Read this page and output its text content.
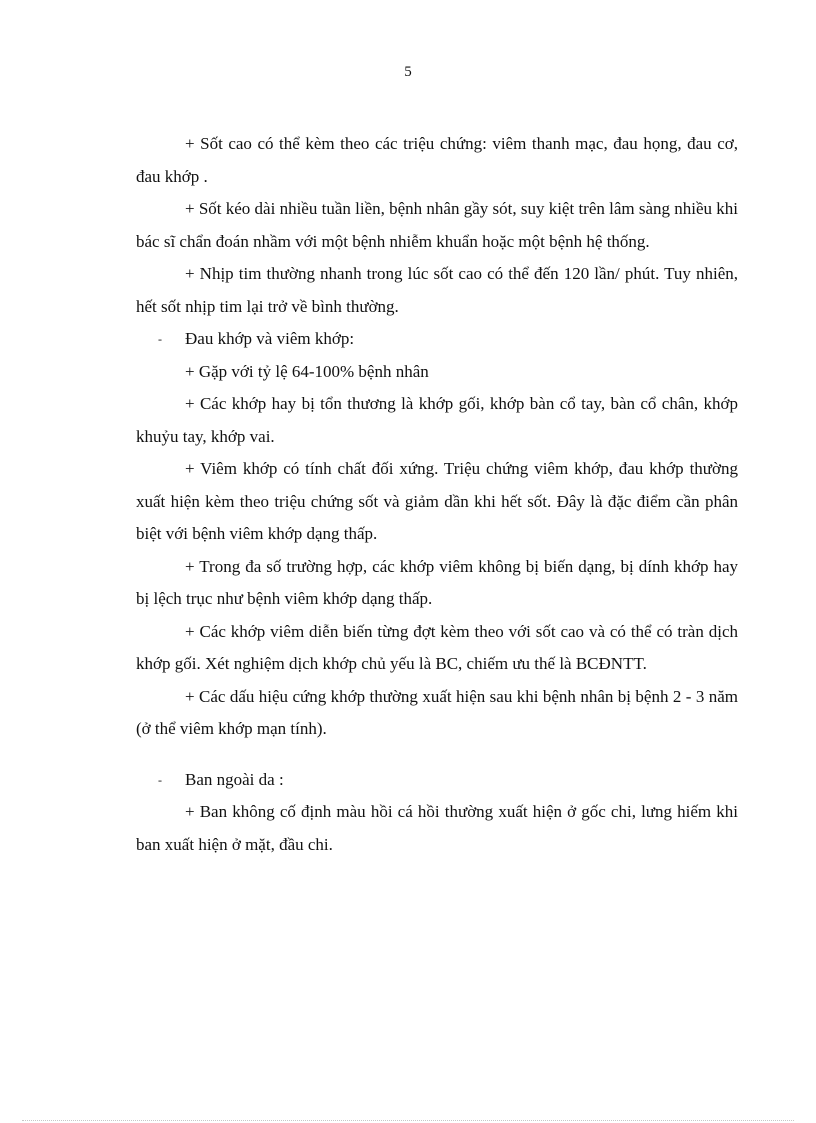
5

+ Sốt cao có thể kèm theo các triệu chứng: viêm thanh mạc, đau họng, đau cơ, đau khớp .

+ Sốt kéo dài nhiều tuần liền, bệnh nhân gầy sót, suy kiệt trên lâm sàng nhiều khi bác sĩ chẩn đoán nhầm với một bệnh nhiễm khuẩn hoặc một bệnh hệ thống.

+ Nhịp tim thường nhanh trong lúc sốt cao có thể đến 120 lần/ phút. Tuy nhiên, hết sốt nhịp tim lại trở về bình thường.

- Đau khớp và viêm khớp:

+ Gặp với tỷ lệ 64-100% bệnh nhân

+ Các khớp hay bị tổn thương là khớp gối, khớp bàn cổ tay, bàn cổ chân, khớp khuỷu tay, khớp vai.

+ Viêm khớp có tính chất đối xứng. Triệu chứng viêm khớp, đau khớp thường xuất hiện kèm theo triệu chứng sốt và giảm dần khi hết sốt. Đây là đặc điểm cần phân biệt với bệnh viêm khớp dạng thấp.

+ Trong đa số trường hợp, các khớp viêm không bị biến dạng, bị dính khớp hay bị lệch trục như bệnh viêm khớp dạng thấp.

+ Các khớp viêm diễn biến từng đợt kèm theo với sốt cao và có thể có tràn dịch khớp gối. Xét nghiệm dịch khớp chủ yếu là BC, chiếm ưu thế là BCĐNTT.

+ Các dấu hiệu cứng khớp thường xuất hiện sau khi bệnh nhân bị bệnh 2 - 3 năm (ở thể viêm khớp mạn tính).

- Ban ngoài da :

+ Ban không cố định màu hồi cá hồi thường xuất hiện ở gốc chi, lưng hiếm khi ban xuất hiện ở mặt, đầu chi.
